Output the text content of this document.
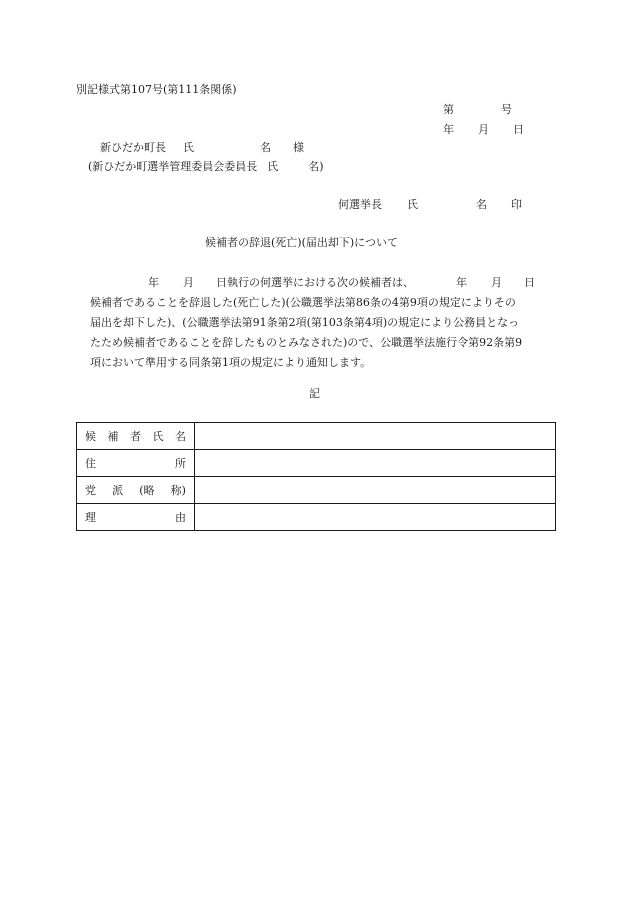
別記様式第107号(第111条関係)
第	号
年 月 日
新ひだか町長 氏	名 様
(新ひだか町選挙管理委員会委員長 氏	名)
何選挙長 氏	名 印
候補者の辞退(死亡)(届出却下)について
年 月 日執行の何選挙における次の候補者は、	年 月 日
候補者であることを辞退した(死亡した)(公職選挙法第86条の4第9項の規定によりその
届出を却下した)、(公職選挙法第91条第2項(第103条第4項)の規定により公務員となっ
たため候補者であることを辞したものとみなされた)ので、公職選挙法施行令第92条第9
項において準用する同条第1項の規定により通知します。
記
候 補 者 氏 名	

住 所	

党 派 (略 称)	

理 由	
